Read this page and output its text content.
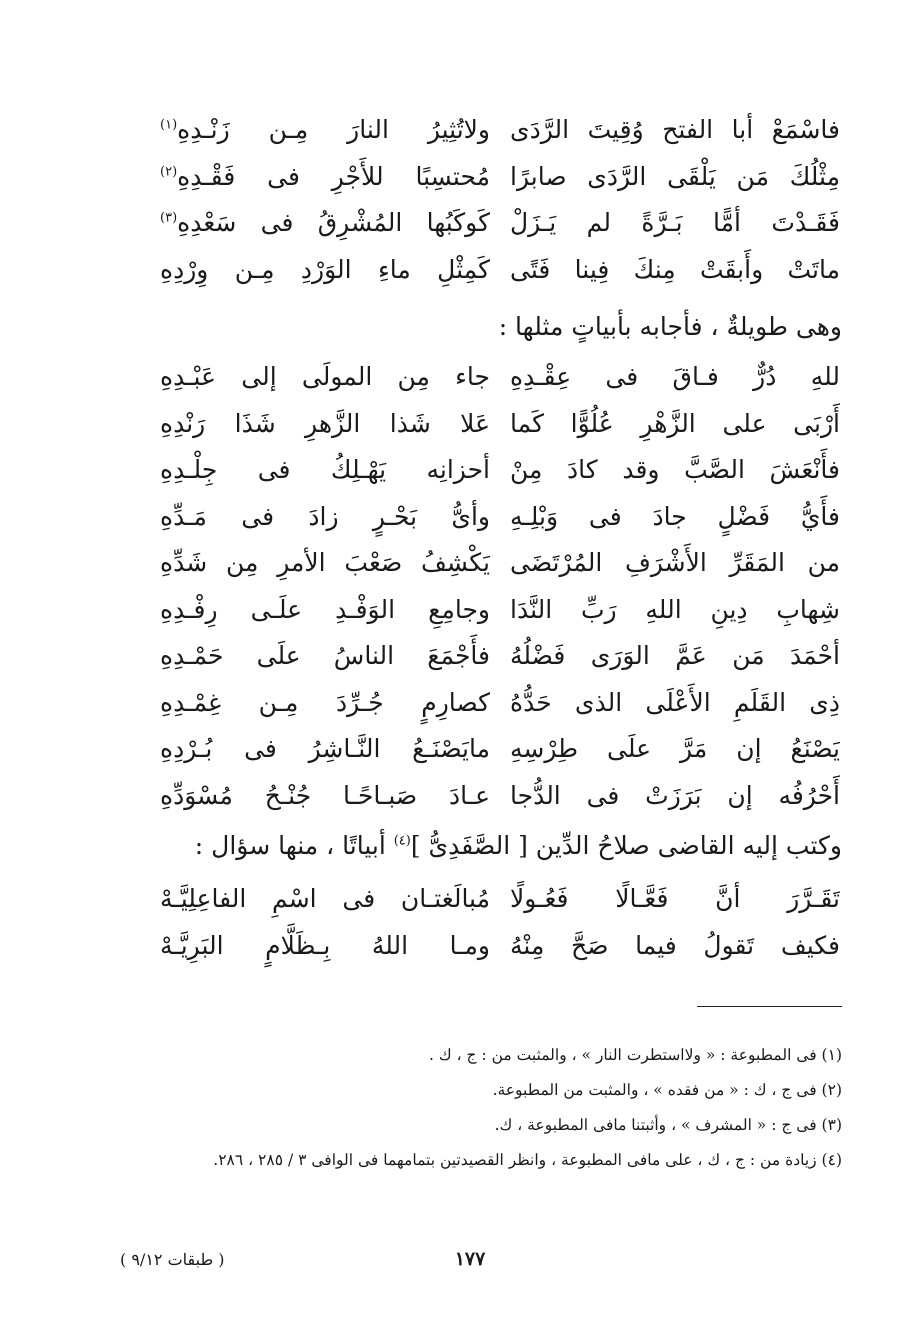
فاسْمَعْ أبا الفتح وُقِيتَ الرَّدَى
ولاتُثِيرُ النارَ مِـن زَنْـدِهِ$^{(١)}$
مِثْلُكَ مَن يَلْقَى الرَّدَى صابرًا
مُحتسِبًا للأَجْرِ فى فَقْـدِهِ$^{(٢)}$
فَقَـدْتَ أمًّا بَـرَّةً لم يَـزَلْ
كَوكَبُها المُشْرِقُ فى سَعْدِهِ$^{(٣)}$
ماتَتْ وأَبقَتْ مِنكَ فِينا فَتًى
كَمِثْلِ ماءِ الوَرْدِ مِـن وِرْدِهِ
وهى طويلةٌ ، فأجابه بأبياتٍ مثلها :
للهِ دُرٌّ فـاقَ فى عِقْـدِهِ
جاء مِن المولَى إلى عَبْـدِهِ
أَرْبَى على الزَّهْرِ عُلُوًّا كَما
عَلا شَذا الزَّهرِ شَذَا رَنْدِهِ
فأَنْعَشَ الصَّبَّ وقد كادَ مِنْ
أحزانِه يَهْـلِكُ فى جِلْـدِهِ
فأَيُّ فَضْلٍ جادَ فى وَبْلِـهِ
وأىُّ بَحْـرٍ زادَ فى مَـدِّهِ
من المَقَرِّ الأَشْرَفِ المُرْتَضَى
يَكْشِفُ صَعْبَ الأمرِ مِن شَدِّهِ
شِهابِ دِينِ اللهِ رَبِّ النَّدَا
وجامِعِ الوَفْـدِ علَـى رِفْـدِهِ
أحْمَدَ مَن عَمَّ الوَرَى فَضْلُهُ
فأَجْمَعَ الناسُ علَى حَمْـدِهِ
ذِى القَلَمِ الأَعْلَى الذى حَدُّهُ
كصارِمٍ جُـرِّدَ مِـن غِمْـدِهِ
يَصْنَعُ إن مَرَّ علَى طِرْسِهِ
مايَصْنَـعُ النَّـاشِرُ فى بُـرْدِهِ
أَحْرُفُه إن بَرَزَتْ فى الدُّجا
عـادَ صَبـاحًـا جُنْـحُ مُسْوَدِّهِ
وكتب إليه القاضى صلاحُ الدِّين [ الصَّفَدِىُّ ]$^{(٤)}$ أبياتًا ، منها سؤال :
تَقَـرَّرَ أنَّ فَعَّـالًا فَعُـولًا
مُبالَغتـان فى اسْمِ الفاعِلِيَّـهْ
فكيف تَقولُ فيما صَحَّ مِنْهُ
ومـا اللهُ بِـظَلَّامٍ البَرِيَّـهْ
(١) فى المطبوعة : « ولااستطرت النار » ، والمثبت من : ج ، ك .
(٢) فى ج ، ك : « من فقده » ، والمثبت من المطبوعة.
(٣) فى ج : « المشرف » ، وأثبتنا مافى المطبوعة ، ك.
(٤) زيادة من : ج ، ك ، على مافى المطبوعة ، وانظر القصيدتين بتمامهما فى الوافى ٣ / ٢٨٥ ، ٢٨٦.
١٧٧
( طبقات ٩/١٢ )
